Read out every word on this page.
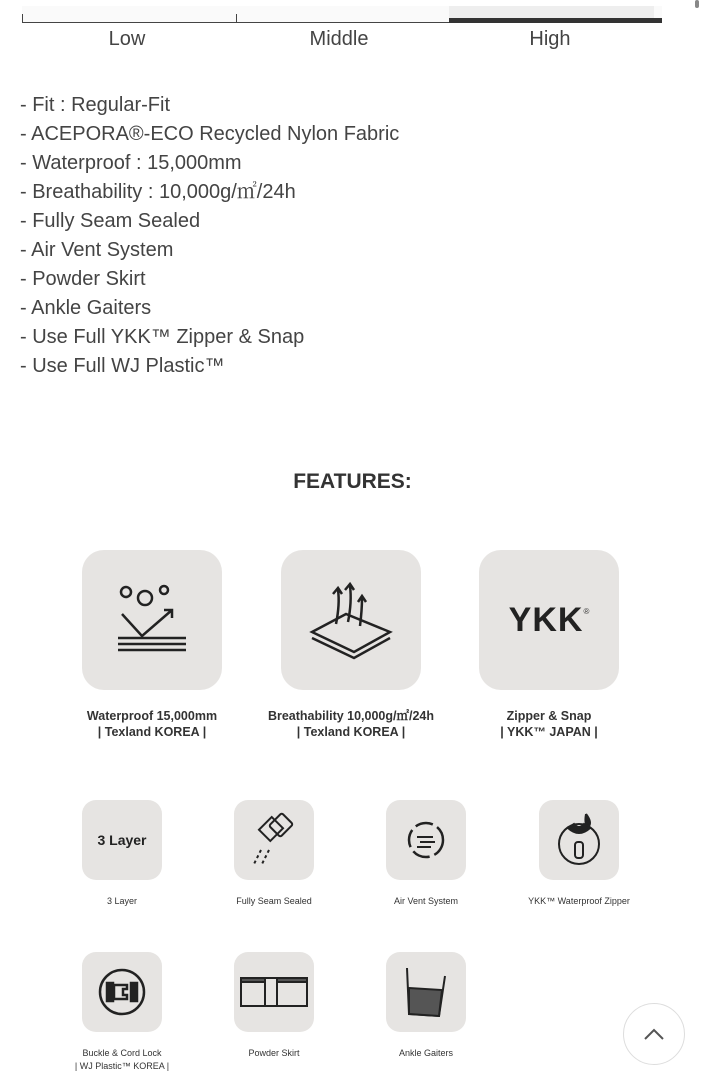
Low	Middle	High
- Fit : Regular-Fit
- ACEPORA®-ECO Recycled Nylon Fabric
- Waterproof : 15,000mm
- Breathability : 10,000g/㎡/24h
- Fully Seam Sealed
- Air Vent System
- Powder Skirt
- Ankle Gaiters
- Use Full YKK™ Zipper & Snap
- Use Full WJ Plastic™
FEATURES:
YKK®
Waterproof 15,000mm
| Texland KOREA |
Breathability 10,000g/㎡/24h
| Texland KOREA |
Zipper & Snap
| YKK™ JAPAN |
3 Layer
3 Layer	Fully Seam Sealed	Air Vent System	YKK™ Waterproof Zipper
Buckle & Cord Lock
| WJ Plastic™ KOREA |
Powder Skirt	Ankle Gaiters
